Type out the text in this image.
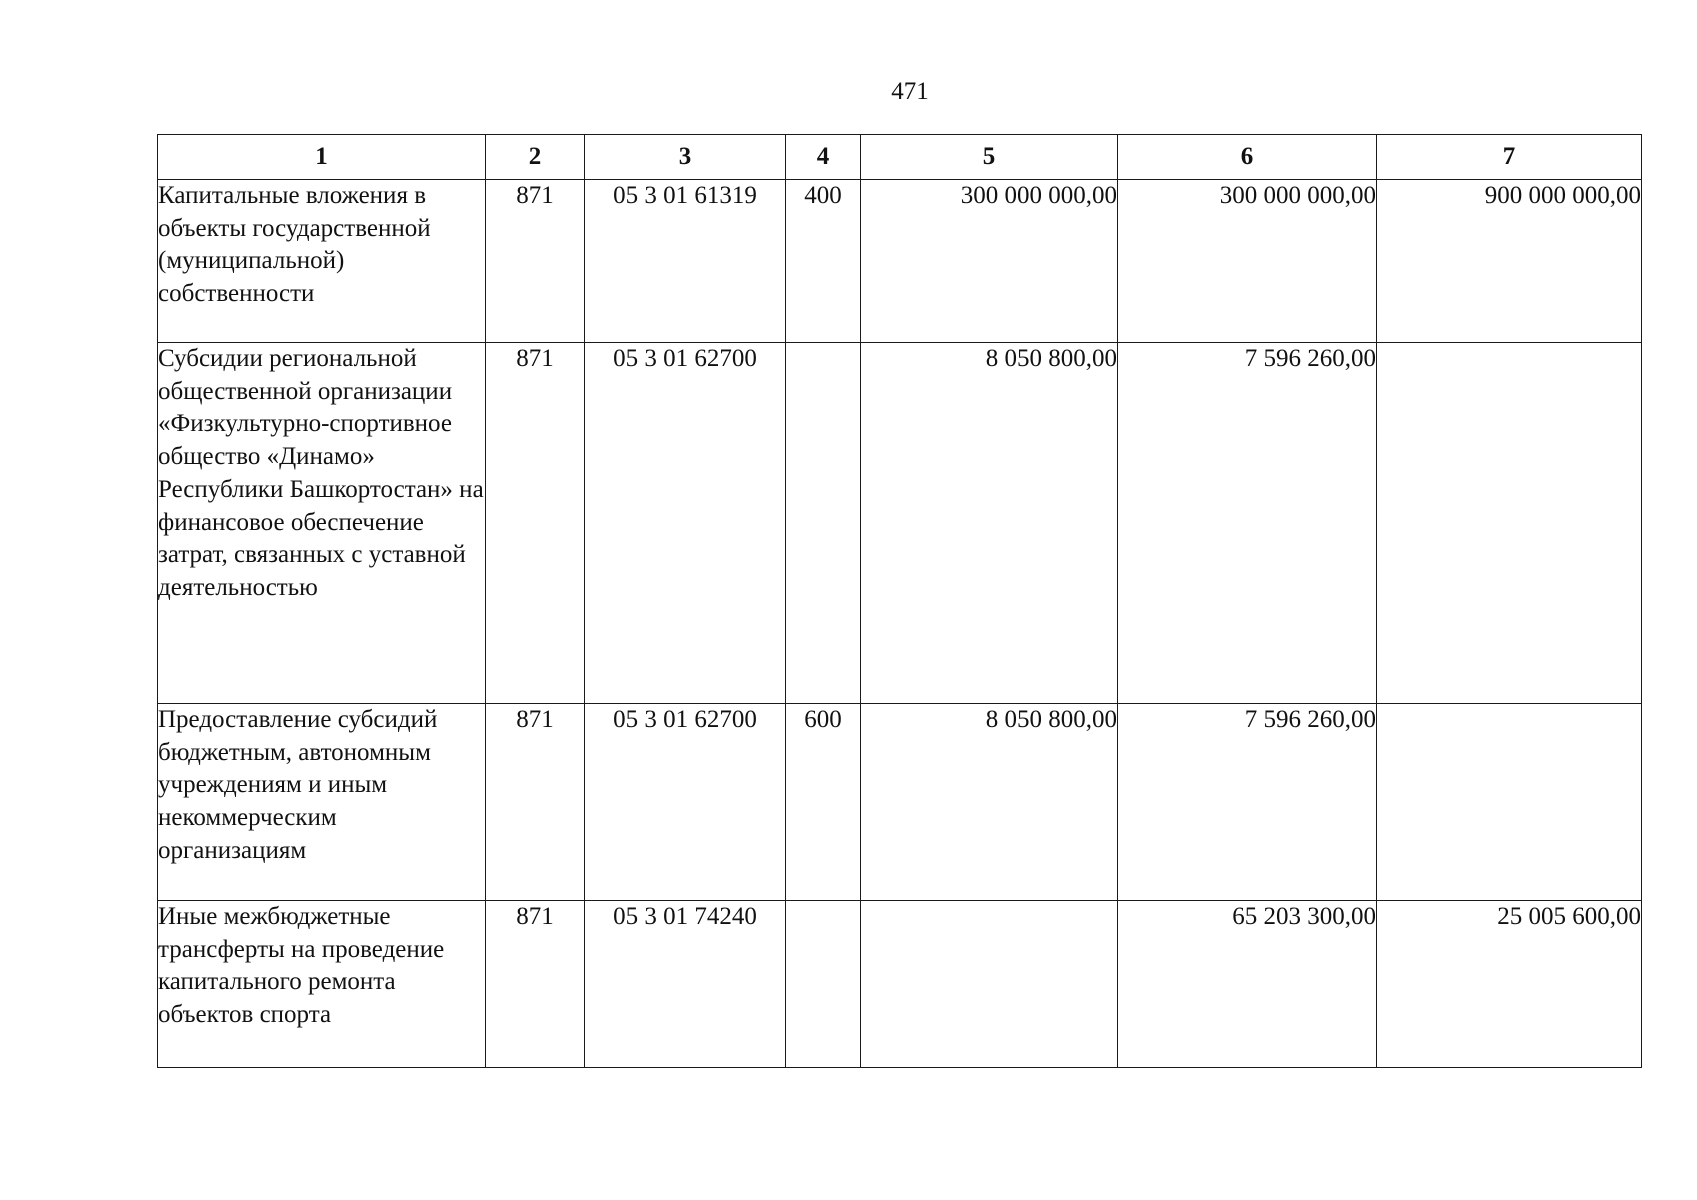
471
1	2	3	4	5	6	7
Капитальные вложения в объекты государственной (муниципальной) собственности	871	05 3 01 61319	400	300 000 000,00	300 000 000,00	900 000 000,00
Субсидии региональной общественной организации «Физкультурно-спортивное общество «Динамо» Республики Башкортостан» на финансовое обеспечение затрат, связанных с уставной деятельностью	871	05 3 01 62700		8 050 800,00	7 596 260,00	
Предоставление субсидий бюджетным, автономным учреждениям и иным некоммерческим организациям	871	05 3 01 62700	600	8 050 800,00	7 596 260,00	
Иные межбюджетные трансферты на проведение капитального ремонта объектов спорта	871	05 3 01 74240			65 203 300,00	25 005 600,00
